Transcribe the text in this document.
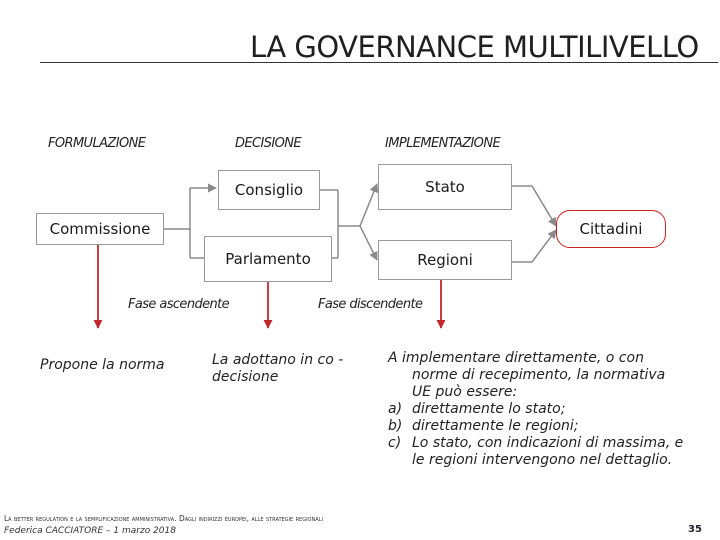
LA GOVERNANCE MULTILIVELLO
FORMULAZIONE	DECISIONE	IMPLEMENTAZIONE
Commissione
Consiglio
Parlamento
Stato
Regioni
Cittadini
Fase ascendente	Fase discendente
Propone la norma	La adottano in co -decisione
A implementare direttamente, o con norme di recepimento, la normativa UE può essere:
a) direttamente lo stato;
b) direttamente le regioni;
c) Lo stato, con indicazioni di massima, e le regioni intervengono nel dettaglio.
La better regulation e la semplificazione amministrativa. Dagli indirizzi europei, alle strategie regionali
Federica CACCIATORE – 1 marzo 2018	35
